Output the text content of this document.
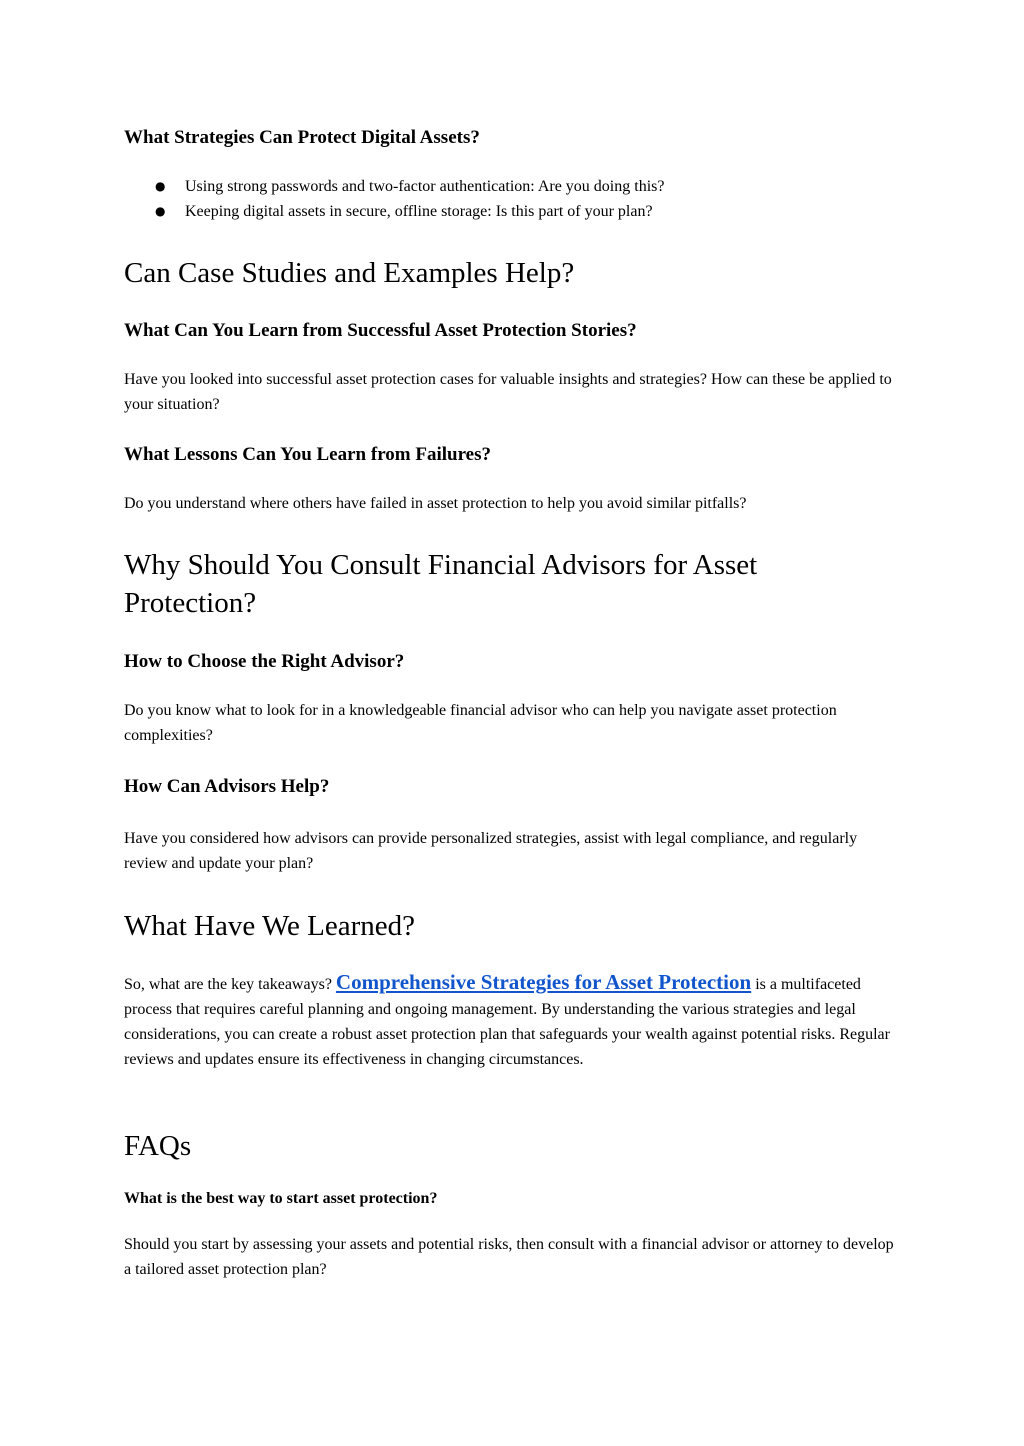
What Strategies Can Protect Digital Assets?
● Using strong passwords and two-factor authentication: Are you doing this?
● Keeping digital assets in secure, offline storage: Is this part of your plan?
Can Case Studies and Examples Help?
What Can You Learn from Successful Asset Protection Stories?

Have you looked into successful asset protection cases for valuable insights and strategies? How can these be applied to your situation?

What Lessons Can You Learn from Failures?

Do you understand where others have failed in asset protection to help you avoid similar pitfalls?

Why Should You Consult Financial Advisors for Asset Protection?
How to Choose the Right Advisor?

Do you know what to look for in a knowledgeable financial advisor who can help you navigate asset protection complexities?

How Can Advisors Help?

Have you considered how advisors can provide personalized strategies, assist with legal compliance, and regularly review and update your plan?

What Have We Learned?

So, what are the key takeaways? Comprehensive Strategies for Asset Protection is a multifaceted process that requires careful planning and ongoing management. By understanding the various strategies and legal considerations, you can create a robust asset protection plan that safeguards your wealth against potential risks. Regular reviews and updates ensure its effectiveness in changing circumstances.

FAQs
What is the best way to start asset protection?

Should you start by assessing your assets and potential risks, then consult with a financial advisor or attorney to develop a tailored asset protection plan?
